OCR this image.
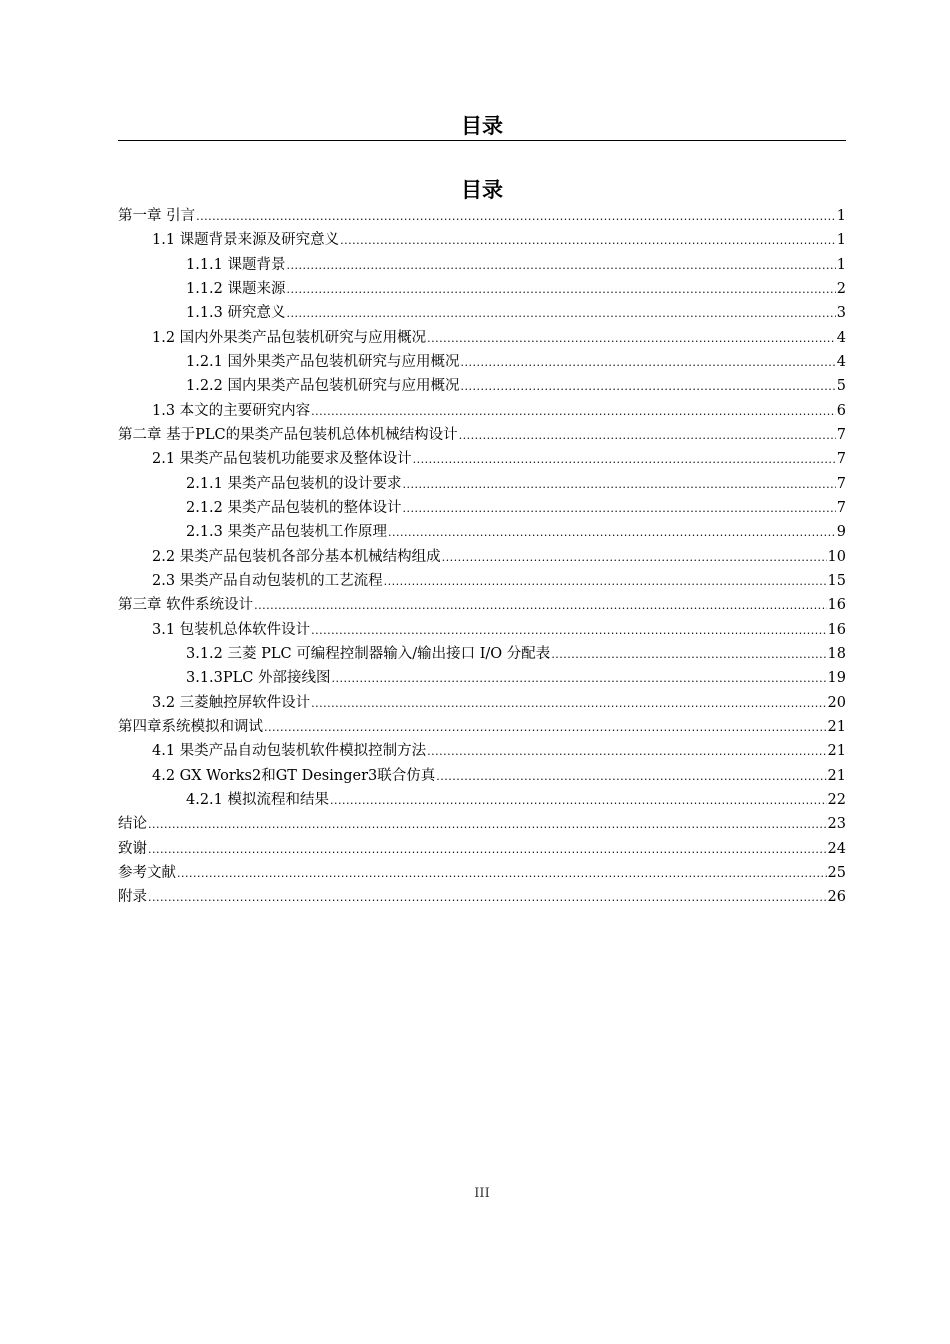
目录
目录
第一章 引言 .....	1
1.1 课题背景来源及研究意义 .....	1
1.1.1 课题背景 .....	1
1.1.2 课题来源 .....	2
1.1.3 研究意义 .....	3
1.2 国内外果类产品包装机研究与应用概况 .....	4
1.2.1 国外果类产品包装机研究与应用概况 .....	4
1.2.2 国内果类产品包装机研究与应用概况 .....	5
1.3 本文的主要研究内容 .....	6
第二章 基于PLC的果类产品包装机总体机械结构设计 .....	7
2.1 果类产品包装机功能要求及整体设计 .....	7
2.1.1 果类产品包装机的设计要求 .....	7
2.1.2 果类产品包装机的整体设计 .....	7
2.1.3 果类产品包装机工作原理 .....	9
2.2 果类产品包装机各部分基本机械结构组成 .....	10
2.3 果类产品自动包装机的工艺流程 .....	15
第三章 软件系统设计 .....	16
3.1 包装机总体软件设计 .....	16
3.1.2 三菱 PLC 可编程控制器输入/输出接口 I/O 分配表 .....	18
3.1.3PLC 外部接线图 .....	19
3.2 三菱触控屏软件设计 .....	20
第四章系统模拟和调试 .....	21
4.1 果类产品自动包装机软件模拟控制方法 .....	21
4.2 GX Works2和GT Desinger3联合仿真 .....	21
4.2.1 模拟流程和结果 .....	22
结论 .....	23
致谢 .....	24
参考文献 .....	25
附录 .....	26
III
